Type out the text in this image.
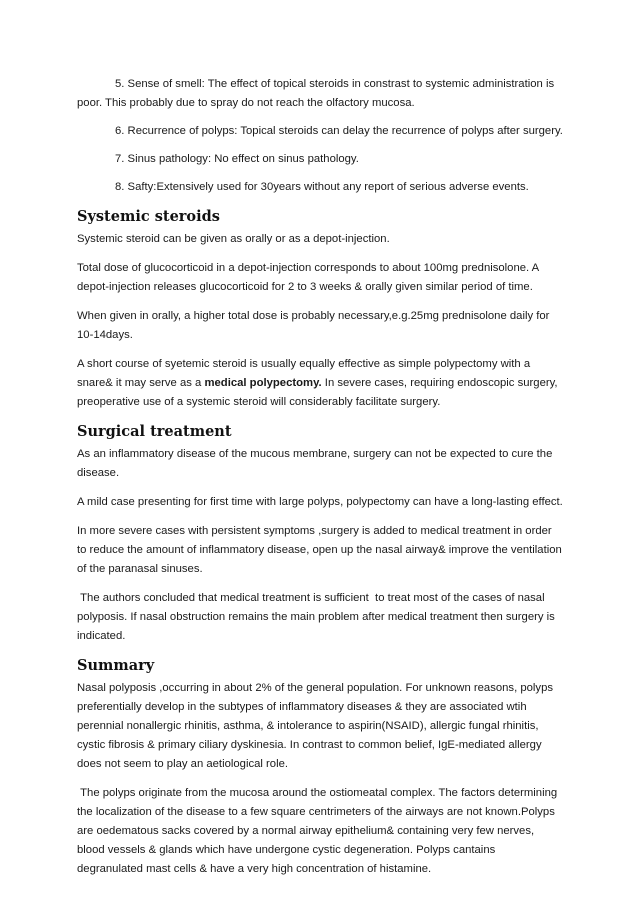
5. Sense of smell: The effect of topical steroids in constrast to systemic administration is poor. This probably due to spray do not reach the olfactory mucosa.

6. Recurrence of polyps: Topical steroids can delay the recurrence of polyps after surgery.

7. Sinus pathology: No effect on sinus pathology.

8. Safty:Extensively used for 30years without any report of serious adverse events.

Systemic steroids

Systemic steroid can be given as orally or as a depot-injection.

Total dose of glucocorticoid in a depot-injection corresponds to about 100mg prednisolone. A depot-injection releases glucocorticoid for 2 to 3 weeks & orally given similar period of time.

When given in orally, a higher total dose is probably necessary,e.g.25mg prednisolone daily for 10-14days.

A short course of syetemic steroid is usually equally effective as simple polypectomy with a snare& it may serve as a medical polypectomy. In severe cases, requiring endoscopic surgery, preoperative use of a systemic steroid will considerably facilitate surgery.

Surgical treatment

As an inflammatory disease of the mucous membrane, surgery can not be expected to cure the disease.

A mild case presenting for first time with large polyps, polypectomy can have a long-lasting effect.

In more severe cases with persistent symptoms ,surgery is added to medical treatment in order to reduce the amount of inflammatory disease, open up the nasal airway& improve the ventilation of the paranasal sinuses.

The authors concluded that medical treatment is sufficient  to treat most of the cases of nasal polyposis. If nasal obstruction remains the main problem after medical treatment then surgery is indicated.

Summary

Nasal polyposis ,occurring in about 2% of the general population. For unknown reasons, polyps preferentially develop in the subtypes of inflammatory diseases & they are associated wtih perennial nonallergic rhinitis, asthma, & intolerance to aspirin(NSAID), allergic fungal rhinitis, cystic fibrosis & primary ciliary dyskinesia. In contrast to common belief, IgE-mediated allergy does not seem to play an aetiological role.

The polyps originate from the mucosa around the ostiomeatal complex. The factors determining the localization of the disease to a few square centrimeters of the airways are not known.Polyps are oedematous sacks covered by a normal airway epithelium& containing very few nerves, blood vessels & glands which have undergone cystic degeneration. Polyps cantains degranulated mast cells & have a very high concentration of histamine.
